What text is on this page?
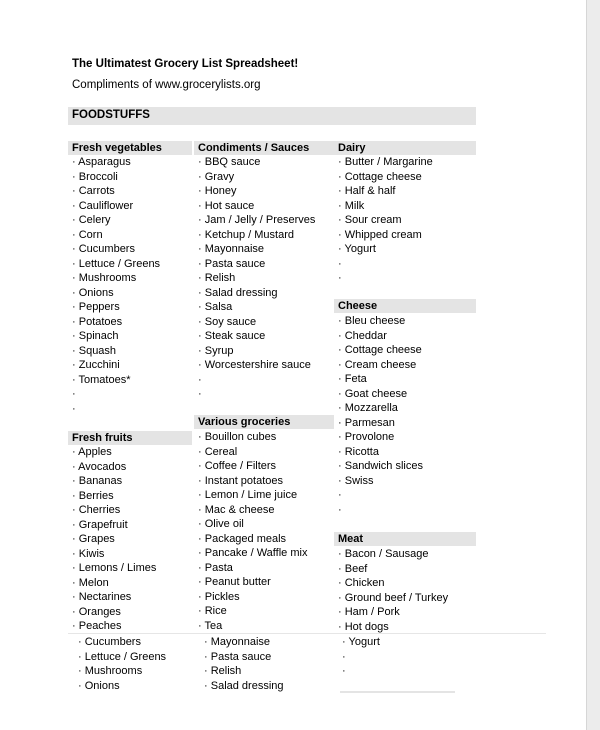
The Ultimatest Grocery List Spreadsheet!
Compliments of www.grocerylists.org
FOODSTUFFS
Fresh vegetables
· Asparagus
· Broccoli
· Carrots
· Cauliflower
· Celery
· Corn
· Cucumbers
· Lettuce / Greens
· Mushrooms
· Onions
· Peppers
· Potatoes
· Spinach
· Squash
· Zucchini
· Tomatoes*
·
·
Fresh fruits
· Apples
· Avocados
· Bananas
· Berries
· Cherries
· Grapefruit
· Grapes
· Kiwis
· Lemons / Limes
· Melon
· Nectarines
· Oranges
· Peaches
Condiments / Sauces
· BBQ sauce
· Gravy
· Honey
· Hot sauce
· Jam / Jelly / Preserves
· Ketchup / Mustard
· Mayonnaise
· Pasta sauce
· Relish
· Salad dressing
· Salsa
· Soy sauce
· Steak sauce
· Syrup
· Worcestershire sauce
·
·
Various groceries
· Bouillon cubes
· Cereal
· Coffee / Filters
· Instant potatoes
· Lemon / Lime juice
· Mac & cheese
· Olive oil
· Packaged meals
· Pancake / Waffle mix
· Pasta
· Peanut butter
· Pickles
· Rice
· Tea
Dairy
· Butter / Margarine
· Cottage cheese
· Half & half
· Milk
· Sour cream
· Whipped cream
· Yogurt
·
·
Cheese
· Bleu cheese
· Cheddar
· Cottage cheese
· Cream cheese
· Feta
· Goat cheese
· Mozzarella
· Parmesan
· Provolone
· Ricotta
· Sandwich slices
· Swiss
·
·
Meat
· Bacon / Sausage
· Beef
· Chicken
· Ground beef / Turkey
· Ham / Pork
· Hot dogs
· Cucumbers
· Lettuce / Greens
· Mushrooms
· Onions
· Mayonnaise
· Pasta sauce
· Relish
· Salad dressing
· Yogurt
·
·
